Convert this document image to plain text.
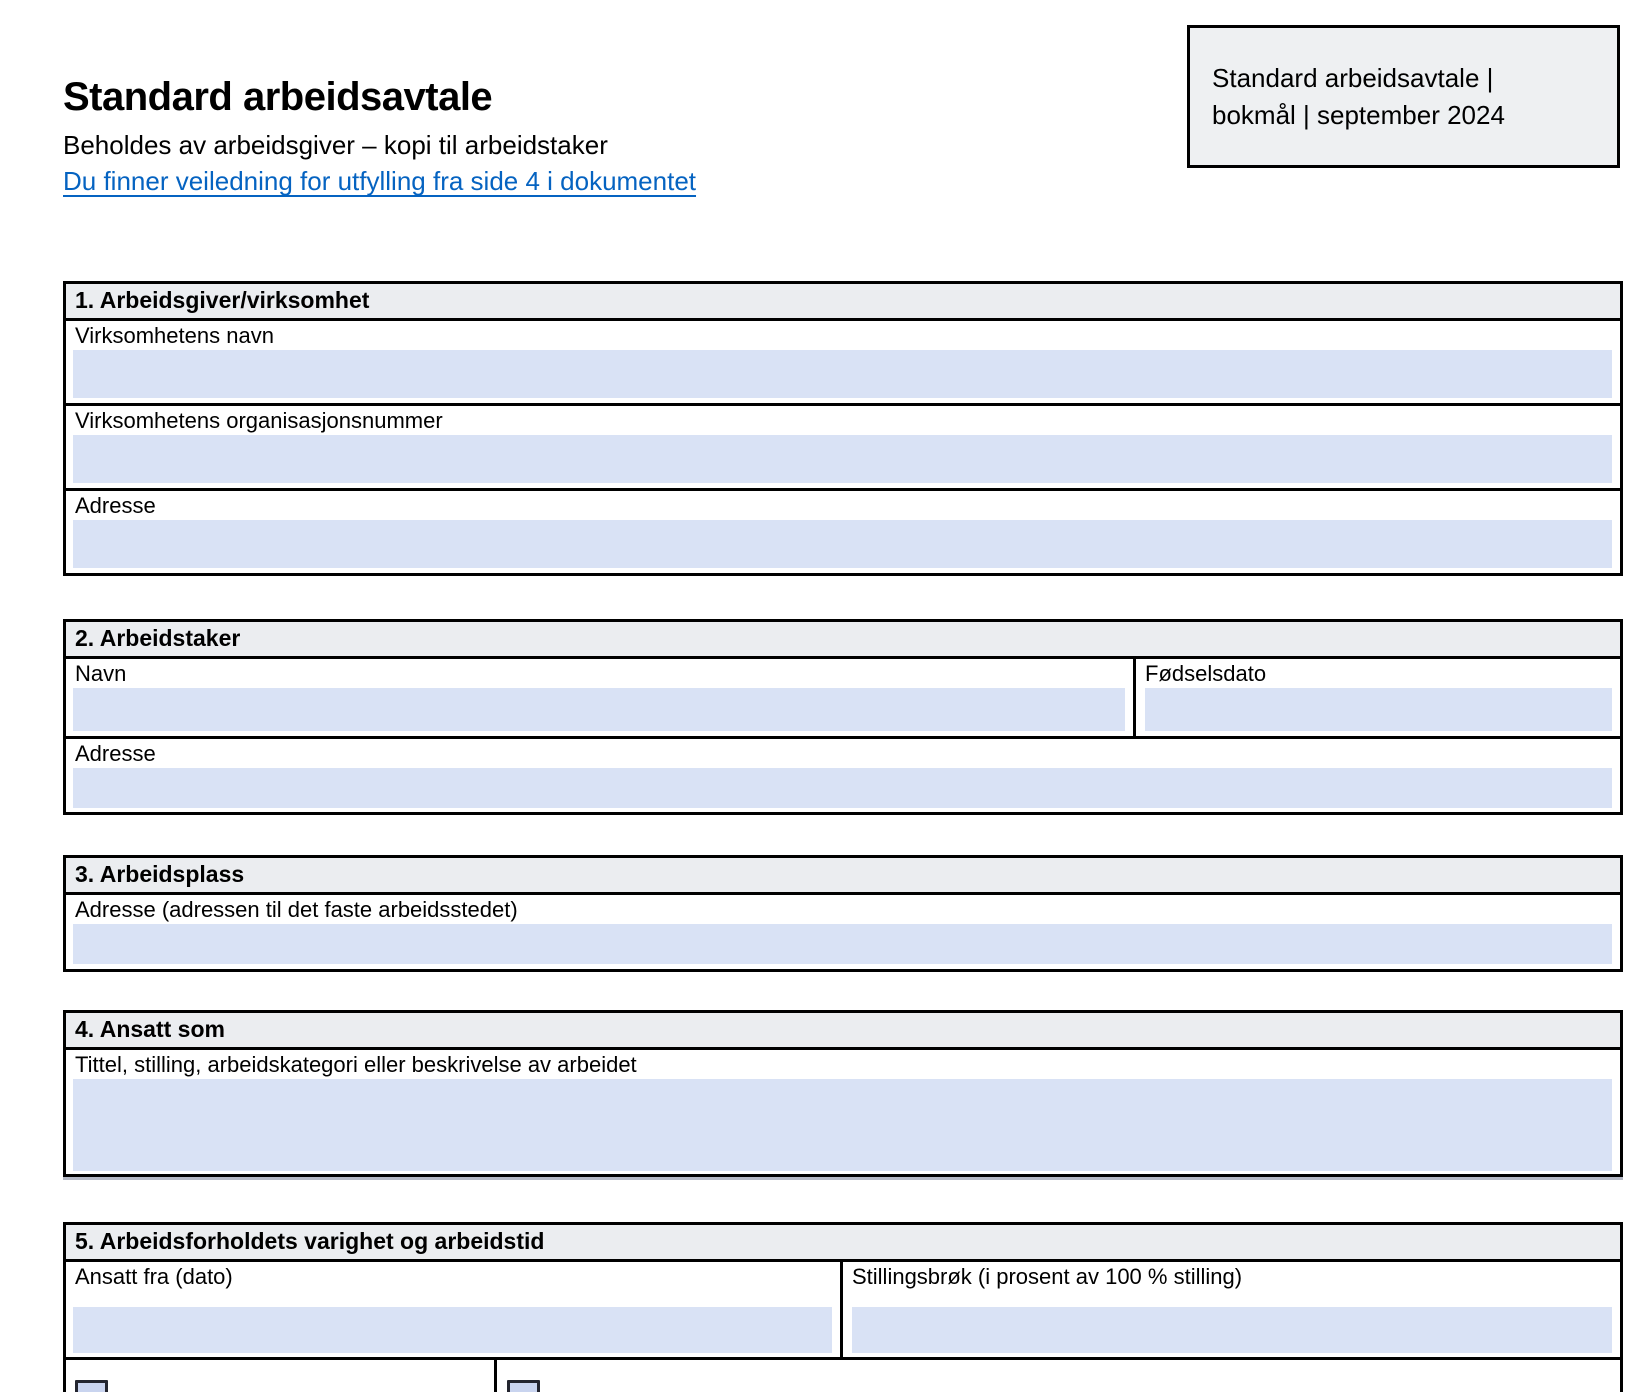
Standard arbeidsavtale
Beholdes av arbeidsgiver – kopi til arbeidstaker
Du finner veiledning for utfylling fra side 4 i dokumentet
Standard arbeidsavtale |
bokmål | september 2024
1. Arbeidsgiver/virksomhet
Virksomhetens navn
Virksomhetens organisasjonsnummer
Adresse
2. Arbeidstaker
Navn	Fødselsdato
Adresse
3. Arbeidsplass
Adresse (adressen til det faste arbeidsstedet)
4. Ansatt som
Tittel, stilling, arbeidskategori eller beskrivelse av arbeidet
5. Arbeidsforholdets varighet og arbeidstid
Ansatt fra (dato)	Stillingsbrøk (i prosent av 100 % stilling)
